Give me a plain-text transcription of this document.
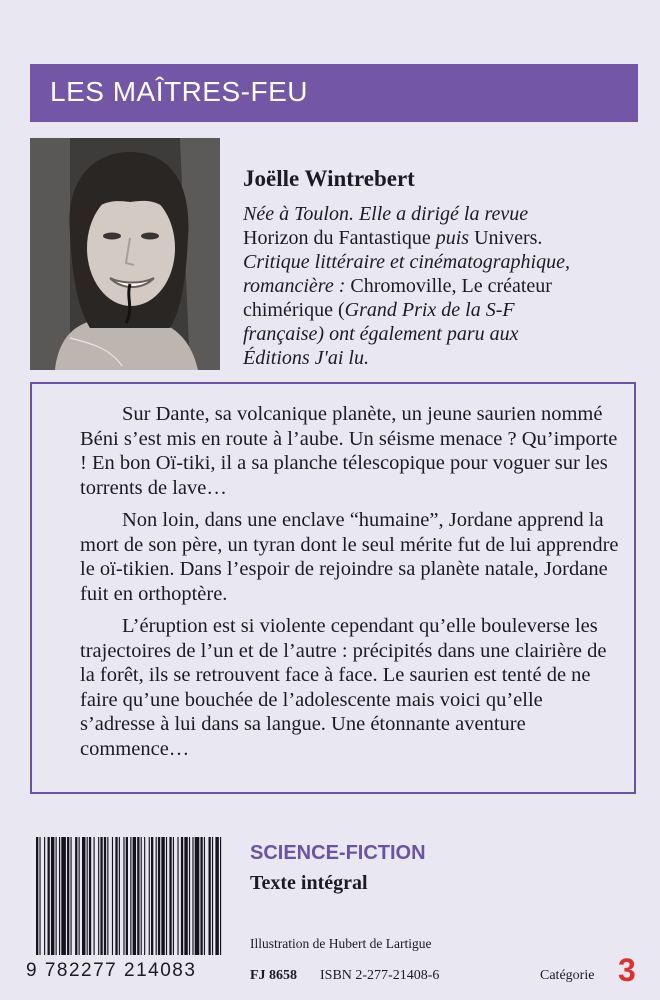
LES MAÎTRES-FEU
Joëlle Wintrebert

Née à Toulon. Elle a dirigé la revue

Horizon du Fantastique puis Univers.

Critique littéraire et cinématographique,

romancière : Chromoville, Le créateur

chimérique (Grand Prix de la S-F

française) ont également paru aux

Éditions J'ai lu.

Sur Dante, sa volcanique planète, un jeune saurien nommé Béni s’est mis en route à l’aube. Un séisme menace ? Qu’importe ! En bon Oï-tiki, il a sa planche télescopique pour voguer sur les torrents de lave…

Non loin, dans une enclave “humaine”, Jordane apprend la mort de son père, un tyran dont le seul mérite fut de lui apprendre le oï-tikien. Dans l’espoir de rejoindre sa planète natale, Jordane fuit en orthoptère.

L’éruption est si violente cependant qu’elle bouleverse les trajectoires de l’un et de l’autre : précipités dans une clairière de la forêt, ils se retrouvent face à face. Le saurien est tenté de ne faire qu’une bouchée de l’adolescente mais voici qu’elle s’adresse à lui dans sa langue. Une étonnante aventure commence…

9 782277 214083
SCIENCE-FICTION
Texte intégral
Illustration de Hubert de Lartigue
FJ 8658 ISBN 2-277-21408-6	Catégorie 3
